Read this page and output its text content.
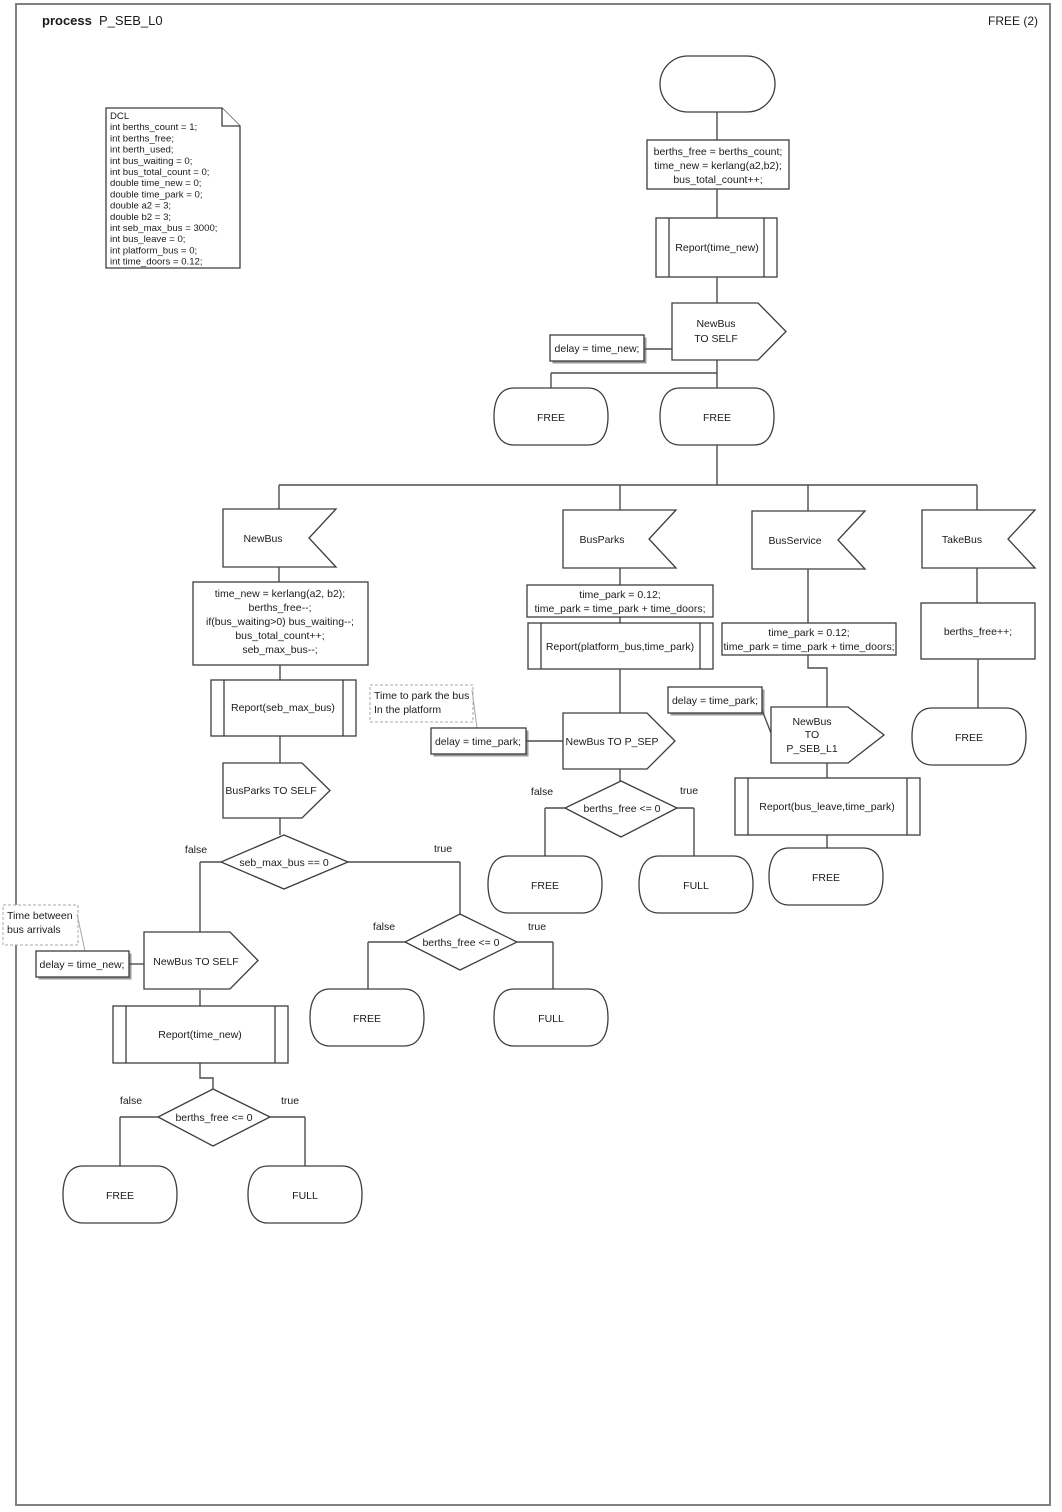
process P_SEB_L0	FREE (2)
DCL
int berths_count = 1;
int berths_free;
int berth_used;
int bus_waiting = 0;
int bus_total_count = 0;
double time_new = 0;
double time_park = 0;
double a2 = 3;
double b2 = 3;
int seb_max_bus = 3000;
int bus_leave = 0;
int platform_bus = 0;
int time_doors = 0.12;
berths_free = berths_count;
time_new = kerlang(a2,b2);
bus_total_count++;
Report(time_new)
NewBus
TO SELF
delay = time_new;
FREE	FREE
NewBus
time_new = kerlang(a2, b2);
berths_free--;
if(bus_waiting>0) bus_waiting--;
bus_total_count++;
seb_max_bus--;
Report(seb_max_bus)
BusParks TO SELF
seb_max_bus == 0
false	true
Time between
bus arrivals
delay = time_new;	NewBus TO SELF
Report(time_new)
berths_free <= 0
false	true
FREE	FULL
berths_free <= 0
false	true
FREE	FULL
BusParks
time_park = 0.12;
time_park = time_park + time_doors;
Report(platform_bus,time_park)
Time to park the bus
In the platform
delay = time_park;	NewBus TO P_SEP
berths_free <= 0
false	true
FREE	FULL
BusService
time_park = 0.12;
time_park = time_park + time_doors;
delay = time_park;
NewBus
TO
P_SEB_L1
Report(bus_leave,time_park)
FREE
TakeBus
berths_free++;
FREE
